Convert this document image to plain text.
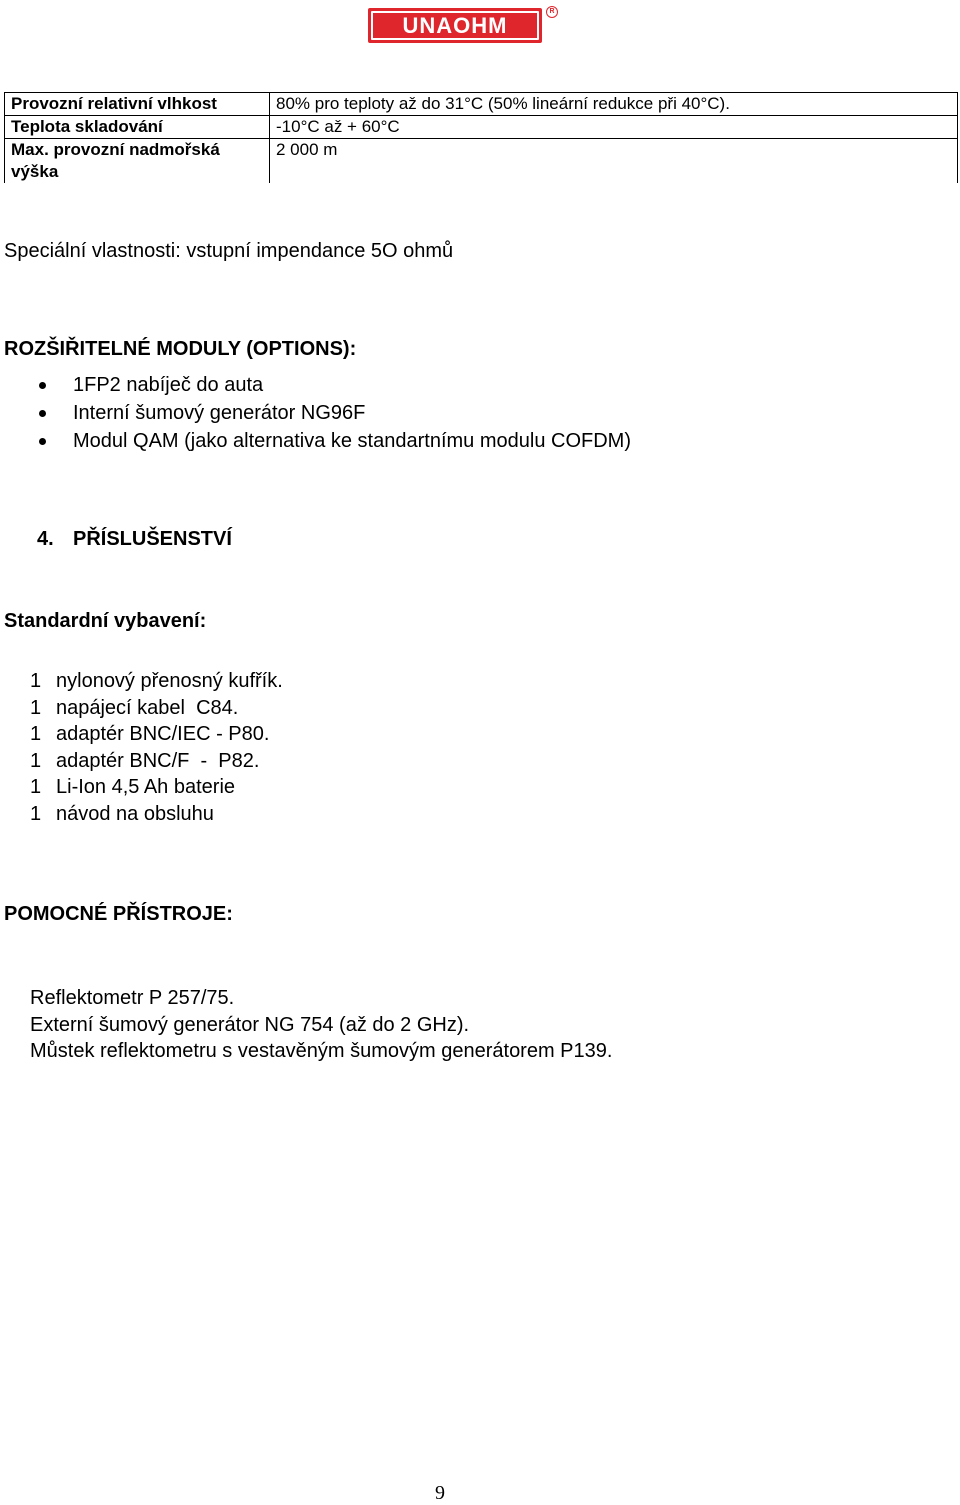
UNAOHM
R
Provozní relativní vlhkost	80% pro teploty až do 31°C (50% lineární redukce při 40°C).
Teplota skladování	-10°C až + 60°C
Max. provozní nadmořská výška	2 000 m
Speciální vlastnosti: vstupní impendance 5O ohmů
ROZŠIŘITELNÉ MODULY (OPTIONS):
1FP2 nabíječ do auta
Interní šumový generátor NG96F
Modul QAM (jako alternativa ke standartnímu modulu COFDM)
4. PŘÍSLUŠENSTVÍ
Standardní vybavení:
1 nylonový přenosný kufřík.
1 napájecí kabel  C84.
1 adaptér BNC/IEC - P80.
1 adaptér BNC/F  -  P82.
1 Li-Ion 4,5 Ah baterie
1 návod na obsluhu
POMOCNÉ PŘÍSTROJE:
Reflektometr P 257/75.
Externí šumový generátor NG 754 (až do 2 GHz).
Můstek reflektometru s vestavěným šumovým generátorem P139.
9
